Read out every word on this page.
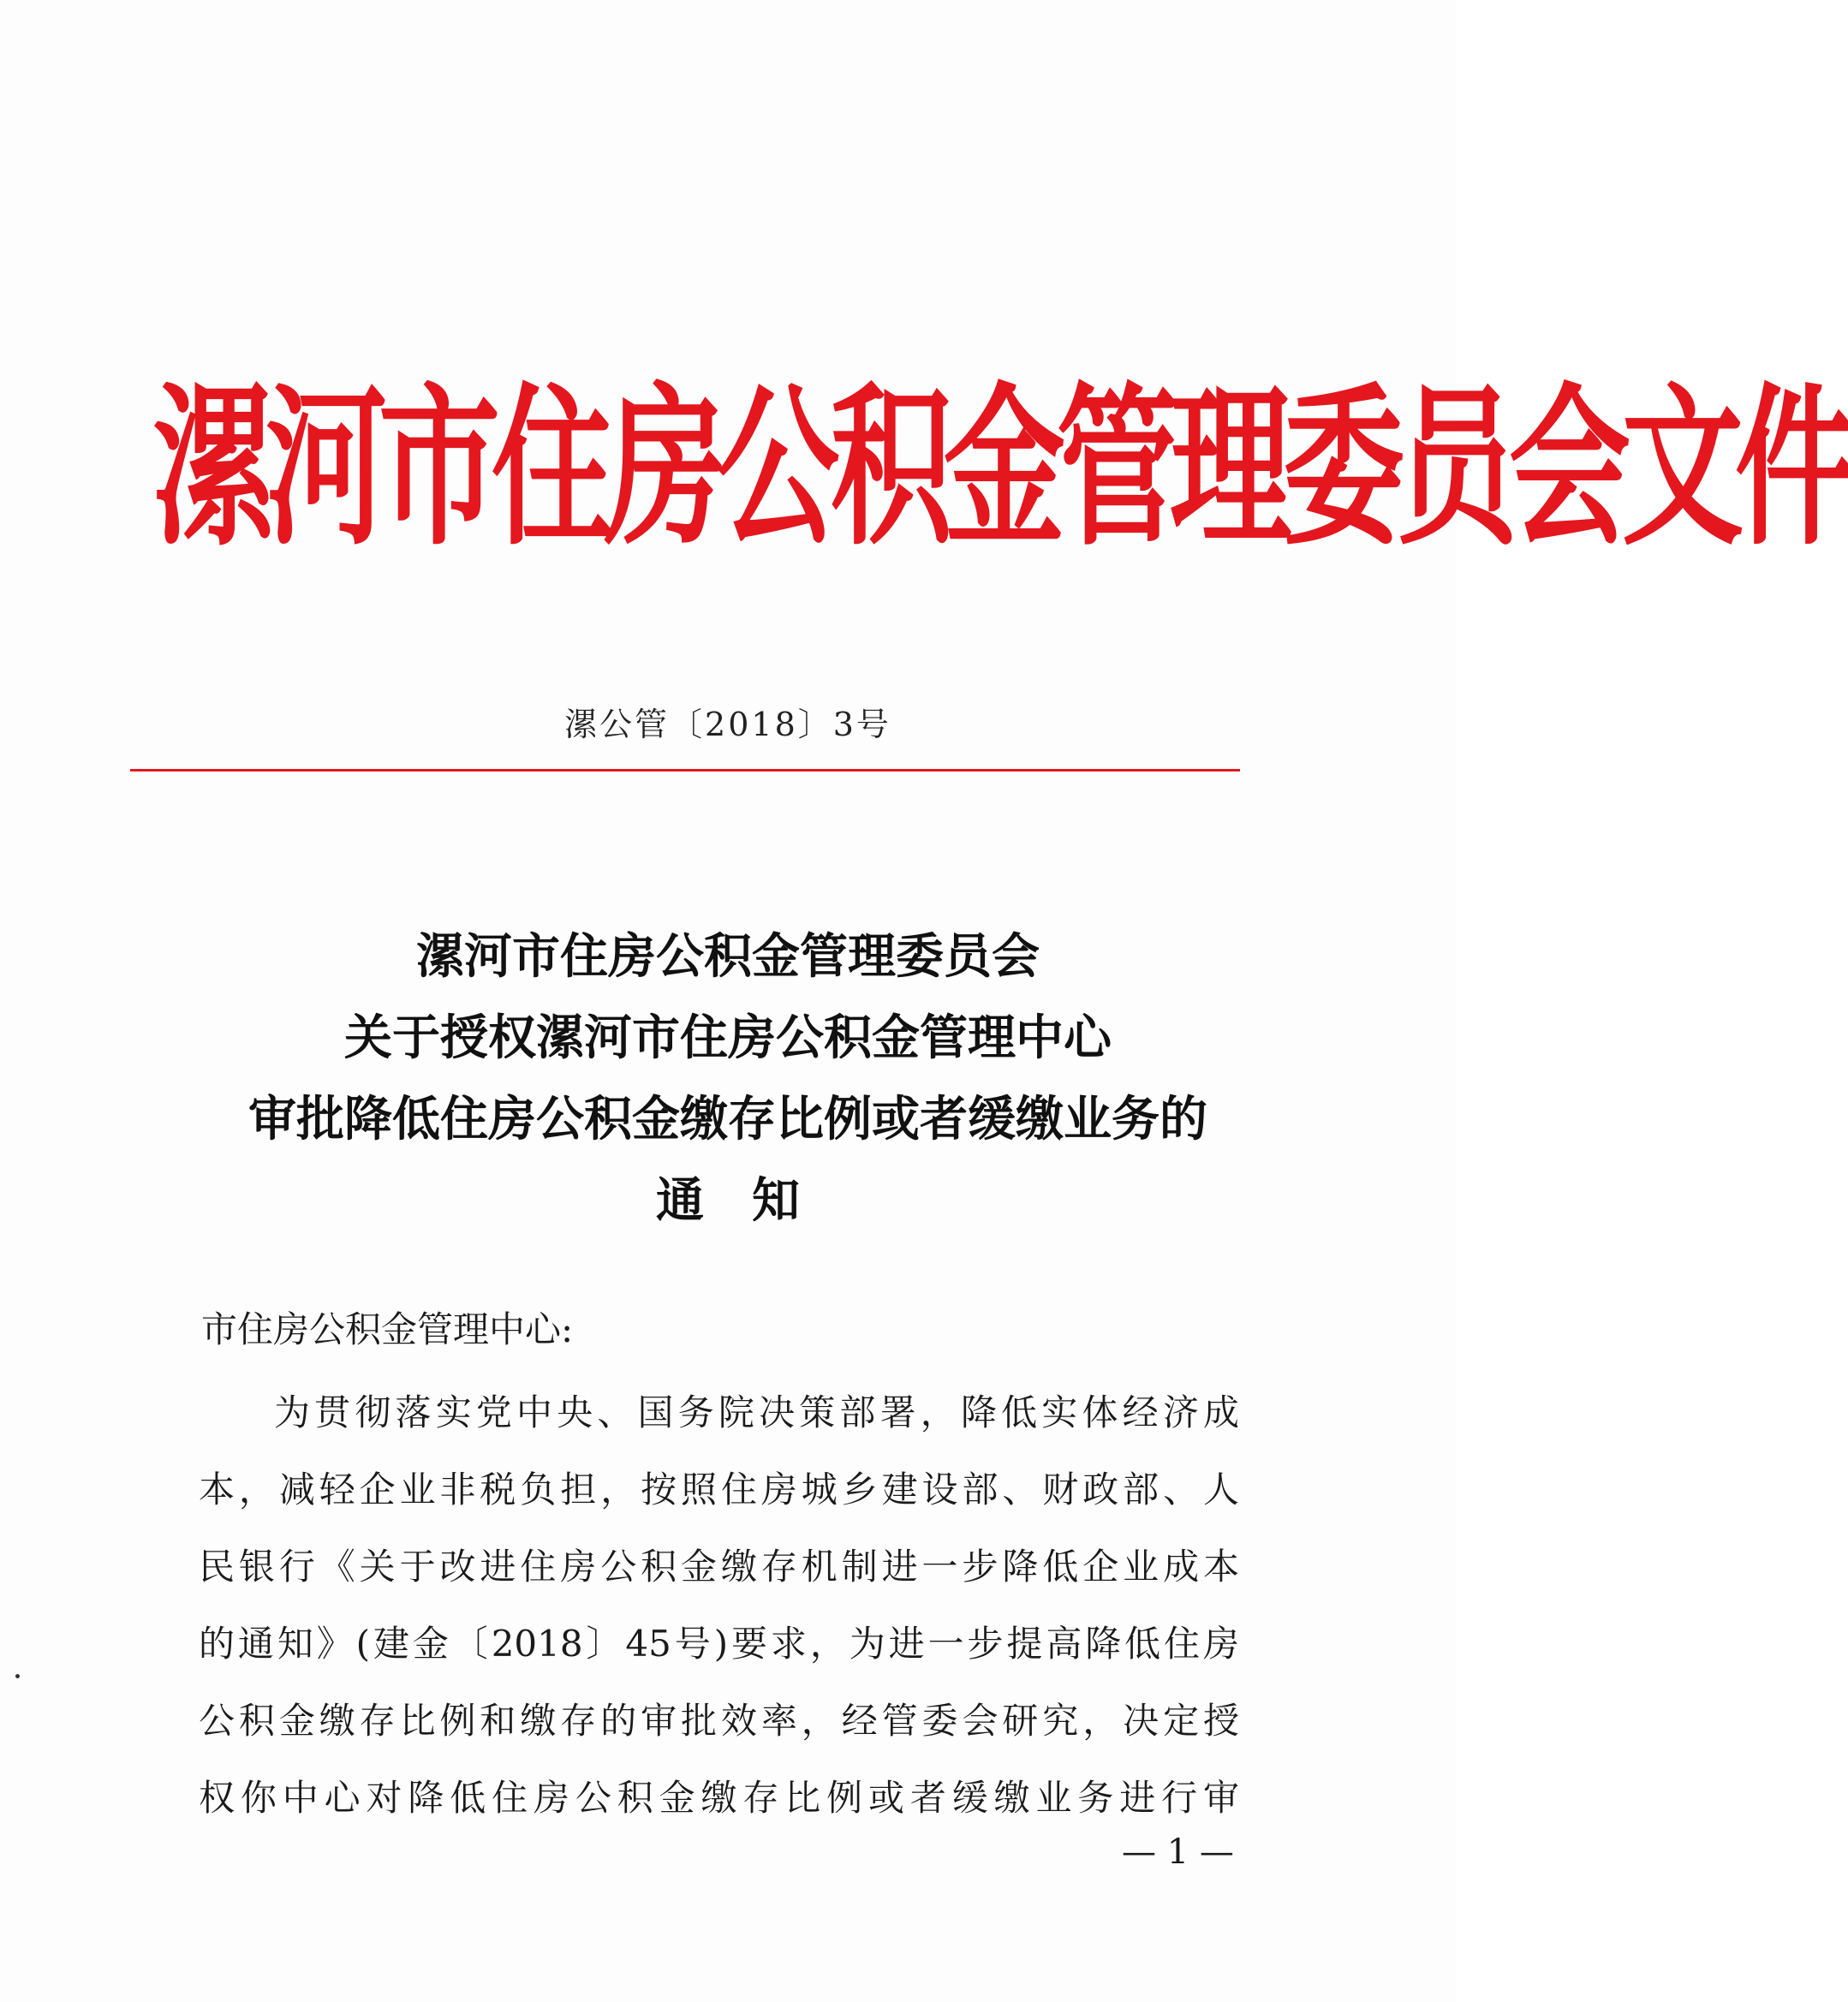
漯河市住房公积金管理委员会文件
漯公管〔2018〕3号
漯河市住房公积金管理委员会
关于授权漯河市住房公积金管理中心
审批降低住房公积金缴存比例或者缓缴业务的
通　知
市住房公积金管理中心:
为贯彻落实党中央、国务院决策部署，降低实体经济成
本，减轻企业非税负担，按照住房城乡建设部、财政部、人
民银行《关于改进住房公积金缴存机制进一步降低企业成本
的通知》(建金〔2018〕45号)要求，为进一步提高降低住房
公积金缴存比例和缴存的审批效率，经管委会研究，决定授
权你中心对降低住房公积金缴存比例或者缓缴业务进行审
— 1 —
